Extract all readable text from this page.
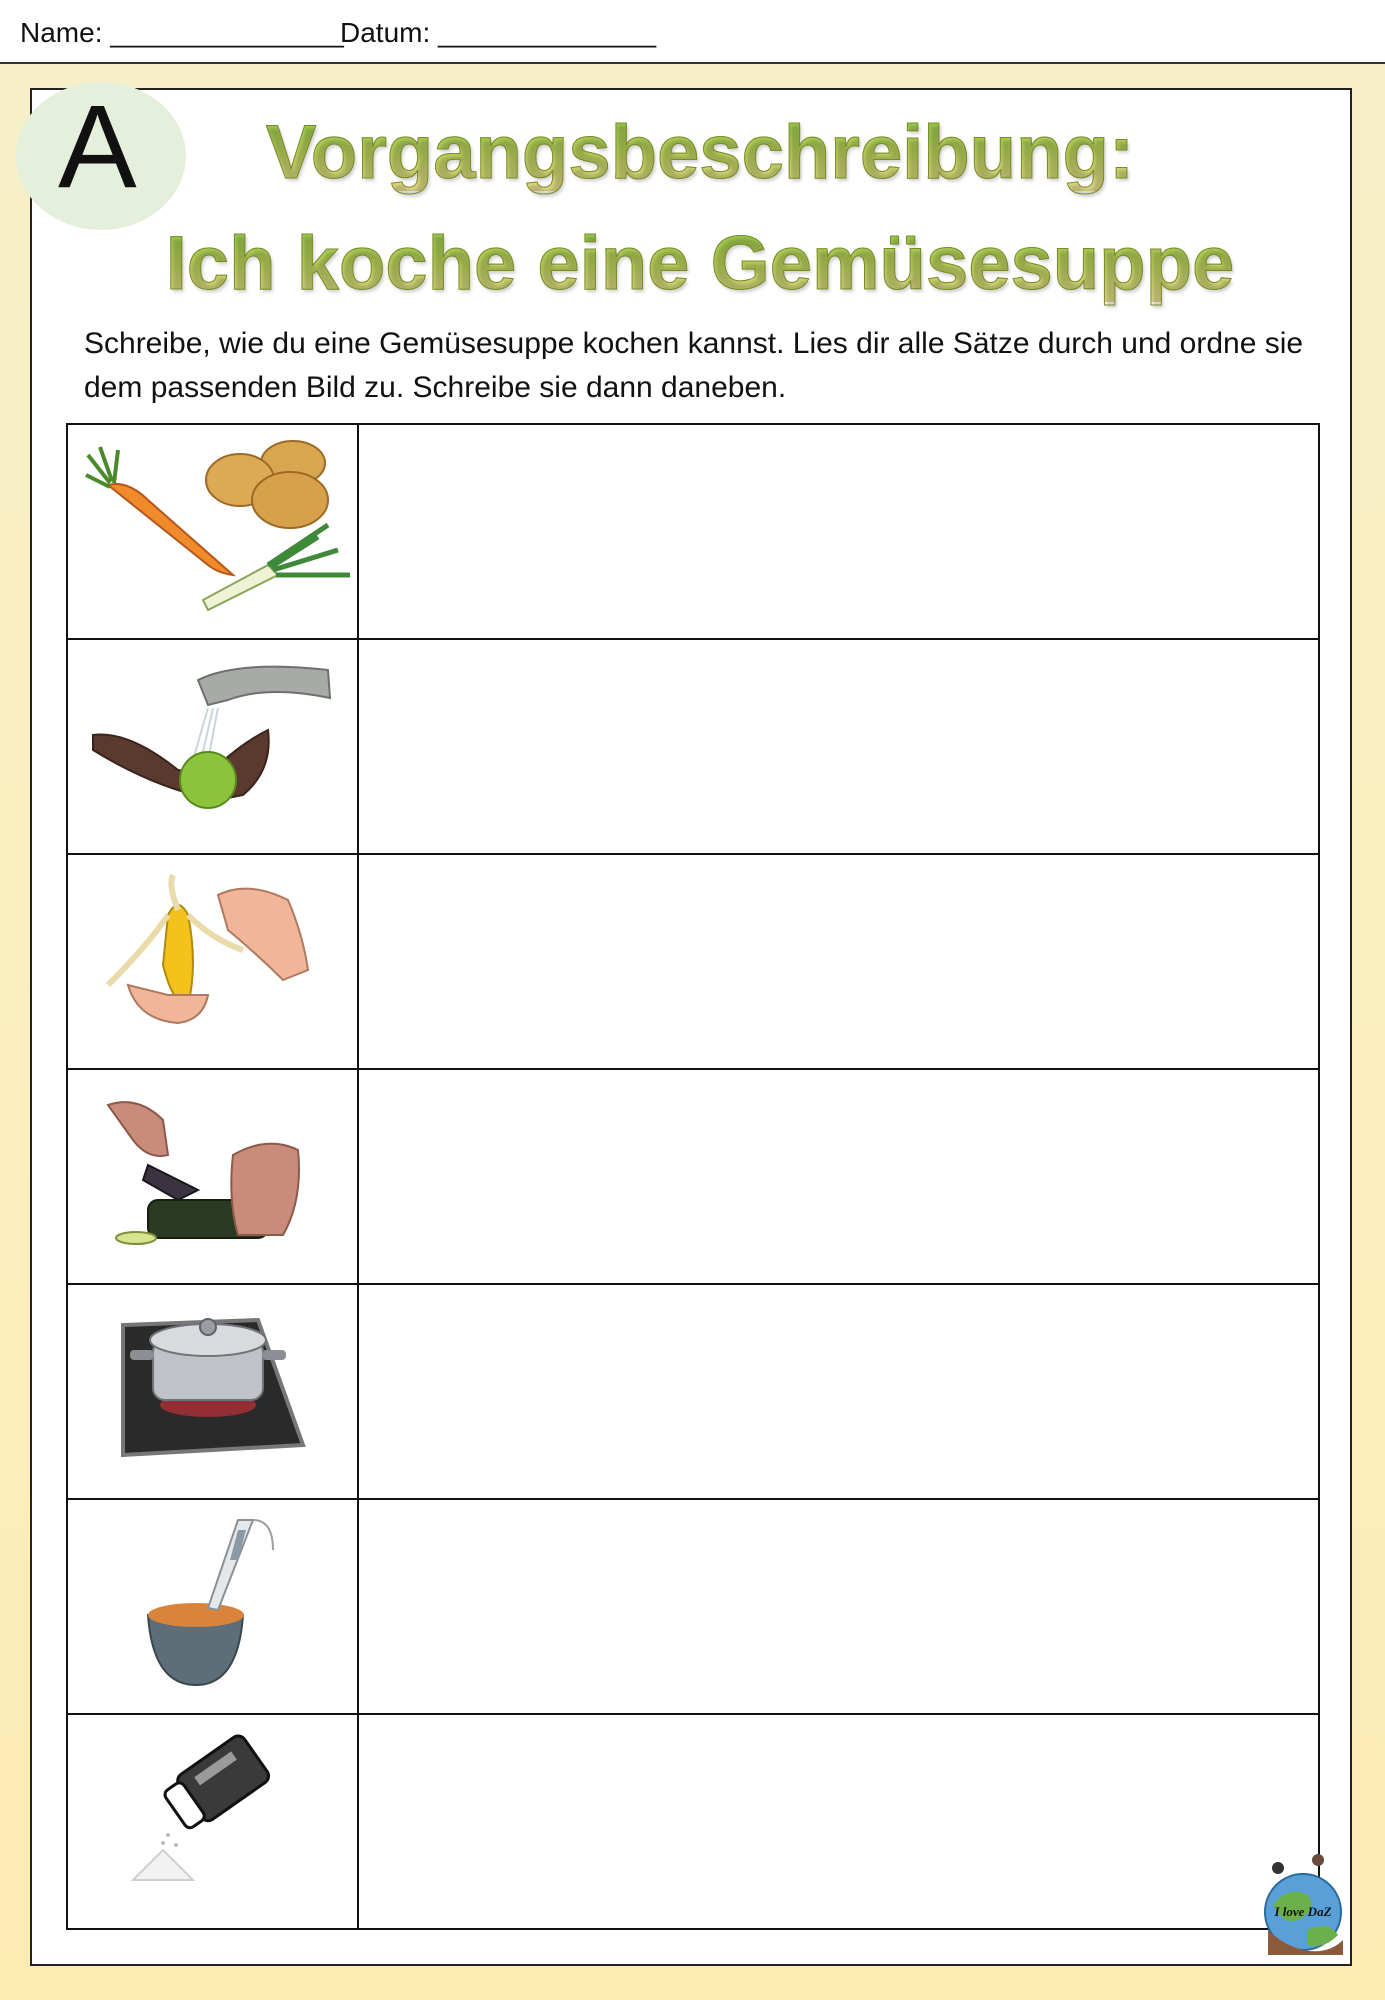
Name: _______________
Datum: ______________
A	Vorgangsbeschreibung:
Ich koche eine Gemüsesuppe
Schreibe, wie du eine Gemüsesuppe kochen kannst. Lies dir alle Sätze durch und ordne sie dem passenden Bild zu. Schreibe sie dann daneben.
I love DaZ
